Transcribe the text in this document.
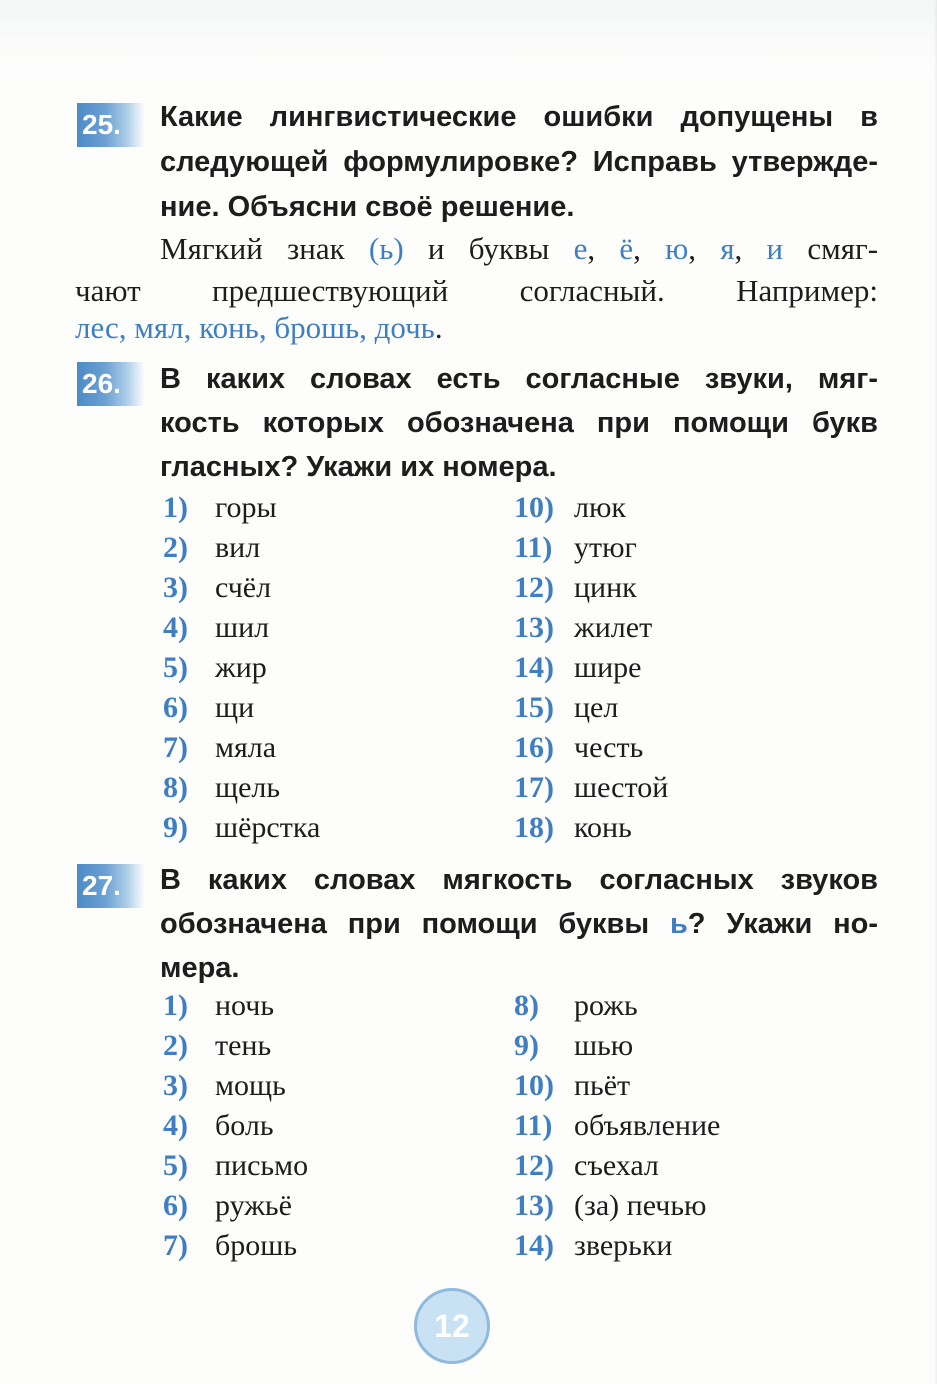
25.	Какие лингвистические ошибки допущены в
следующей формулировке? Исправь утвержде-
ние. Объясни своё решение.
Мягкий знак (ь) и буквы е, ё, ю, я, и смяг-
чают предшествующий согласный. Например:
лес, мял, конь, брошь, дочь.
26.	В каких словах есть согласные звуки, мяг-
кость которых обозначена при помощи букв
гласных? Укажи их номера.
1) горы
2) вил
3) счёл
4) шил
5) жир
6) щи
7) мяла
8) щель
9) шёрстка
10) люк
11) утюг
12) цинк
13) жилет
14) шире
15) цел
16) честь
17) шестой
18) конь
27.	В каких словах мягкость согласных звуков
обозначена при помощи буквы ь? Укажи но-
мера.
1) ночь
2) тень
3) мощь
4) боль
5) письмо
6) ружьё
7) брошь
8) рожь
9) шью
10) пьёт
11) объявление
12) съехал
13) (за) печью
14) зверьки
12
